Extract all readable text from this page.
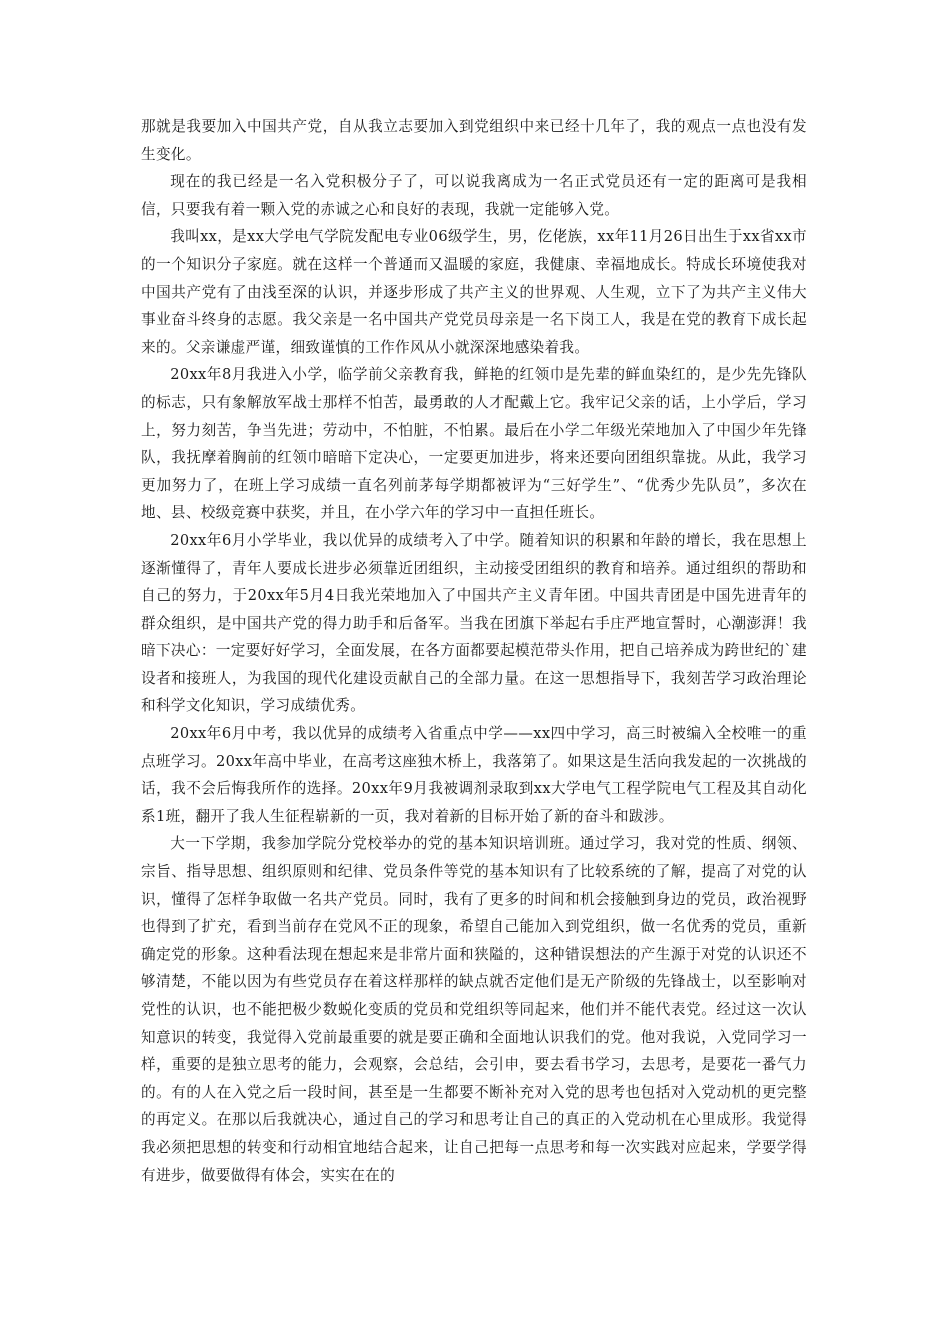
那就是我要加入中国共产党，自从我立志要加入到党组织中来已经十几年了，我的观点一点也没有发生变化。

现在的我已经是一名入党积极分子了，可以说我离成为一名正式党员还有一定的距离可是我相信，只要我有着一颗入党的赤诚之心和良好的表现，我就一定能够入党。

我叫xx，是xx大学电气学院发配电专业06级学生，男，仡佬族，xx年11月26日出生于xx省xx市的一个知识分子家庭。就在这样一个普通而又温暖的家庭，我健康、幸福地成长。特成长环境使我对中国共产党有了由浅至深的认识，并逐步形成了共产主义的世界观、人生观，立下了为共产主义伟大事业奋斗终身的志愿。我父亲是一名中国共产党党员母亲是一名下岗工人，我是在党的教育下成长起来的。父亲谦虚严谨，细致谨慎的工作作风从小就深深地感染着我。

20xx年8月我进入小学，临学前父亲教育我，鲜艳的红领巾是先辈的鲜血染红的，是少先先锋队的标志，只有象解放军战士那样不怕苦，最勇敢的人才配戴上它。我牢记父亲的话，上小学后，学习上，努力刻苦，争当先进；劳动中，不怕脏，不怕累。最后在小学二年级光荣地加入了中国少年先锋队，我抚摩着胸前的红领巾暗暗下定决心，一定要更加进步，将来还要向团组织靠拢。从此，我学习更加努力了，在班上学习成绩一直名列前茅每学期都被评为“三好学生”、“优秀少先队员”，多次在地、县、校级竞赛中获奖，并且，在小学六年的学习中一直担任班长。

20xx年6月小学毕业，我以优异的成绩考入了中学。随着知识的积累和年龄的增长，我在思想上逐渐懂得了，青年人要成长进步必须靠近团组织，主动接受团组织的教育和培养。通过组织的帮助和自己的努力，于20xx年5月4日我光荣地加入了中国共产主义青年团。中国共青团是中国先进青年的群众组织，是中国共产党的得力助手和后备军。当我在团旗下举起右手庄严地宣誓时，心潮澎湃！我暗下决心：一定要好好学习，全面发展，在各方面都要起模范带头作用，把自己培养成为跨世纪的`建设者和接班人，为我国的现代化建设贡献自己的全部力量。在这一思想指导下，我刻苦学习政治理论和科学文化知识，学习成绩优秀。

20xx年6月中考，我以优异的成绩考入省重点中学——xx四中学习，高三时被编入全校唯一的重点班学习。20xx年高中毕业，在高考这座独木桥上，我落第了。如果这是生活向我发起的一次挑战的话，我不会后悔我所作的选择。20xx年9月我被调剂录取到xx大学电气工程学院电气工程及其自动化系1班，翻开了我人生征程崭新的一页，我对着新的目标开始了新的奋斗和跋涉。

大一下学期，我参加学院分党校举办的党的基本知识培训班。通过学习，我对党的性质、纲领、宗旨、指导思想、组织原则和纪律、党员条件等党的基本知识有了比较系统的了解，提高了对党的认识，懂得了怎样争取做一名共产党员。同时，我有了更多的时间和机会接触到身边的党员，政治视野也得到了扩充，看到当前存在党风不正的现象，希望自己能加入到党组织，做一名优秀的党员，重新确定党的形象。这种看法现在想起来是非常片面和狭隘的，这种错误想法的产生源于对党的认识还不够清楚，不能以因为有些党员存在着这样那样的缺点就否定他们是无产阶级的先锋战士，以至影响对党性的认识，也不能把极少数蜕化变质的党员和党组织等同起来，他们并不能代表党。经过这一次认知意识的转变，我觉得入党前最重要的就是要正确和全面地认识我们的党。他对我说，入党同学习一样，重要的是独立思考的能力，会观察，会总结，会引申，要去看书学习，去思考，是要花一番气力的。有的人在入党之后一段时间，甚至是一生都要不断补充对入党的思考也包括对入党动机的更完整的再定义。在那以后我就决心，通过自己的学习和思考让自己的真正的入党动机在心里成形。我觉得我必须把思想的转变和行动相宜地结合起来，让自己把每一点思考和每一次实践对应起来，学要学得有进步，做要做得有体会，实实在在的
